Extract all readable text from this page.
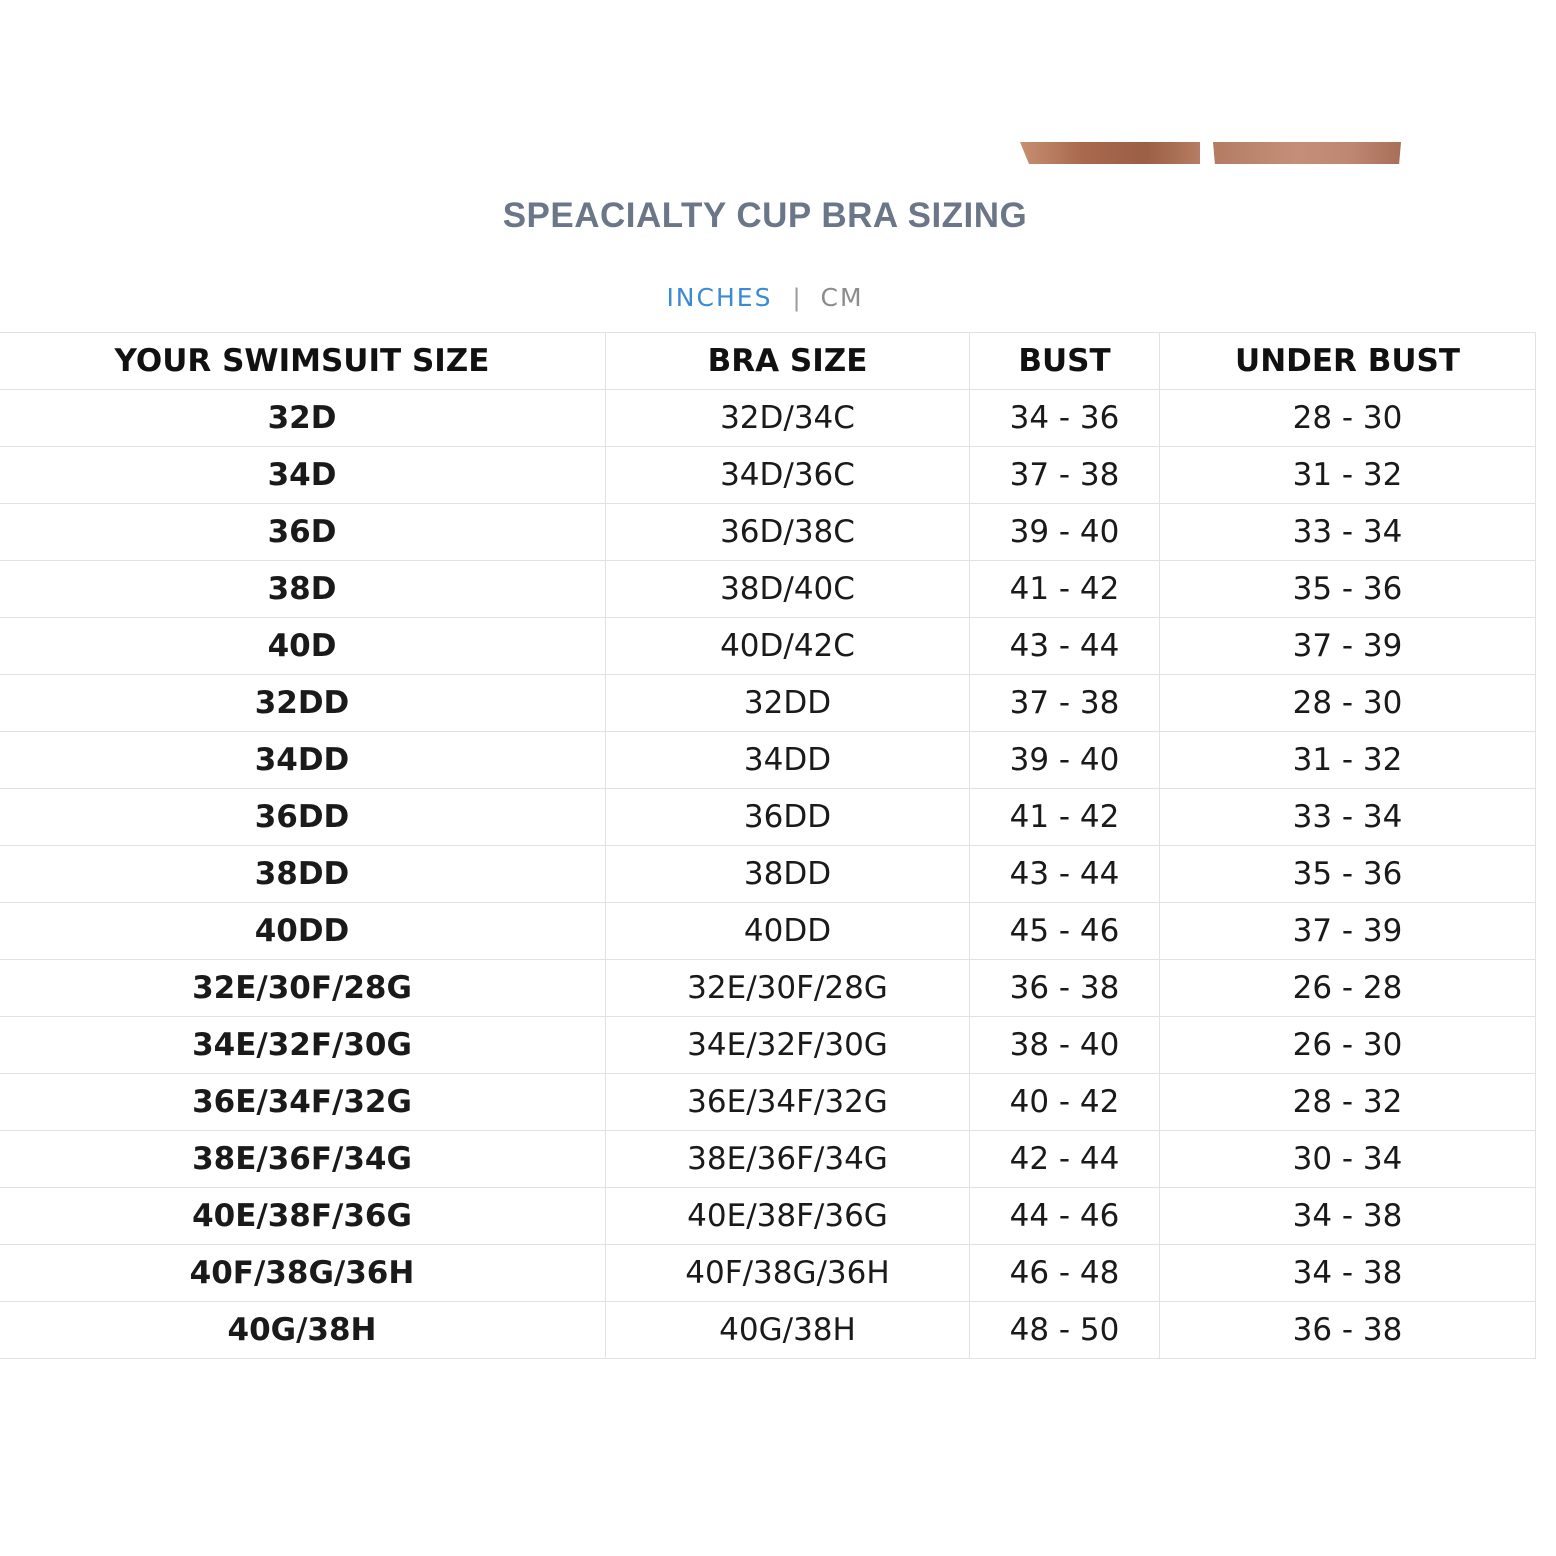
SPEACIALTY CUP BRA SIZING
INCHES | CM
YOUR SWIMSUIT SIZE	BRA SIZE	BUST	UNDER BUST
32D	32D/34C	34 - 36	28 - 30
34D	34D/36C	37 - 38	31 - 32
36D	36D/38C	39 - 40	33 - 34
38D	38D/40C	41 - 42	35 - 36
40D	40D/42C	43 - 44	37 - 39
32DD	32DD	37 - 38	28 - 30
34DD	34DD	39 - 40	31 - 32
36DD	36DD	41 - 42	33 - 34
38DD	38DD	43 - 44	35 - 36
40DD	40DD	45 - 46	37 - 39
32E/30F/28G	32E/30F/28G	36 - 38	26 - 28
34E/32F/30G	34E/32F/30G	38 - 40	26 - 30
36E/34F/32G	36E/34F/32G	40 - 42	28 - 32
38E/36F/34G	38E/36F/34G	42 - 44	30 - 34
40E/38F/36G	40E/38F/36G	44 - 46	34 - 38
40F/38G/36H	40F/38G/36H	46 - 48	34 - 38
40G/38H	40G/38H	48 - 50	36 - 38
